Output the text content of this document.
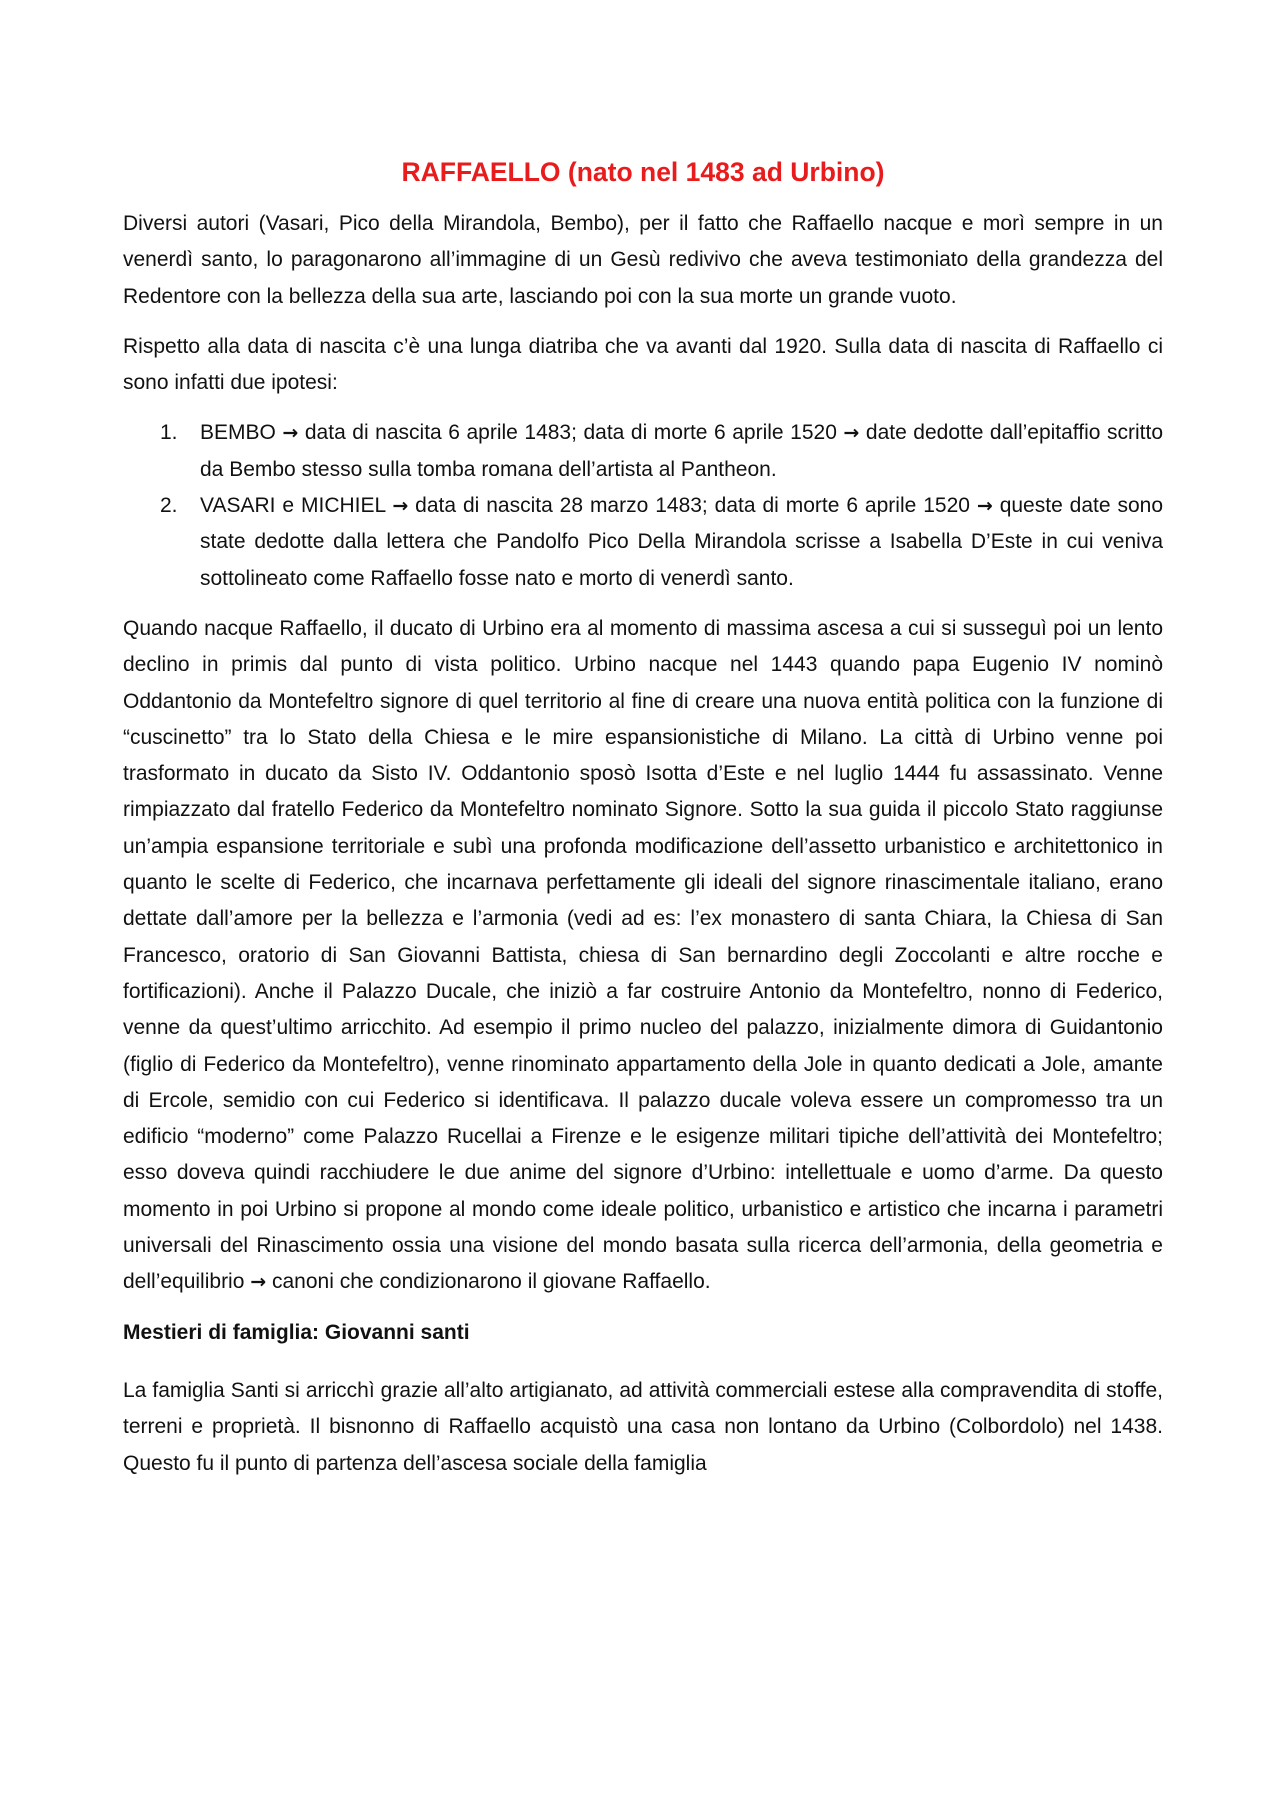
RAFFAELLO (nato nel 1483 ad Urbino)

Diversi autori (Vasari, Pico della Mirandola, Bembo), per il fatto che Raffaello nacque e morì sempre in un venerdì santo, lo paragonarono all’immagine di un Gesù redivivo che aveva testimoniato della grandezza del Redentore con la bellezza della sua arte, lasciando poi con la sua morte un grande vuoto.

Rispetto alla data di nascita c’è una lunga diatriba che va avanti dal 1920. Sulla data di nascita di Raffaello ci sono infatti due ipotesi:

1. BEMBO → data di nascita 6 aprile 1483; data di morte 6 aprile 1520 → date dedotte dall’epitaffio scritto da Bembo stesso sulla tomba romana dell’artista al Pantheon.
2. VASARI e MICHIEL → data di nascita 28 marzo 1483; data di morte 6 aprile 1520 → queste date sono state dedotte dalla lettera che Pandolfo Pico Della Mirandola scrisse a Isabella D’Este in cui veniva sottolineato come Raffaello fosse nato e morto di venerdì santo.

Quando nacque Raffaello, il ducato di Urbino era al momento di massima ascesa a cui si susseguì poi un lento declino in primis dal punto di vista politico. Urbino nacque nel 1443 quando papa Eugenio IV nominò Oddantonio da Montefeltro signore di quel territorio al fine di creare una nuova entità politica con la funzione di “cuscinetto” tra lo Stato della Chiesa e le mire espansionistiche di Milano. La città di Urbino venne poi trasformato in ducato da Sisto IV. Oddantonio sposò Isotta d’Este e nel luglio 1444 fu assassinato. Venne rimpiazzato dal fratello Federico da Montefeltro nominato Signore. Sotto la sua guida il piccolo Stato raggiunse un’ampia espansione territoriale e subì una profonda modificazione dell’assetto urbanistico e architettonico in quanto le scelte di Federico, che incarnava perfettamente gli ideali del signore rinascimentale italiano, erano dettate dall’amore per la bellezza e l’armonia (vedi ad es: l’ex monastero di santa Chiara, la Chiesa di San Francesco, oratorio di San Giovanni Battista, chiesa di San bernardino degli Zoccolanti e altre rocche e fortificazioni). Anche il Palazzo Ducale, che iniziò a far costruire Antonio da Montefeltro, nonno di Federico, venne da quest’ultimo arricchito. Ad esempio il primo nucleo del palazzo, inizialmente dimora di Guidantonio (figlio di Federico da Montefeltro), venne rinominato appartamento della Jole in quanto dedicati a Jole, amante di Ercole, semidio con cui Federico si identificava. Il palazzo ducale voleva essere un compromesso tra un edificio “moderno” come Palazzo Rucellai a Firenze e le esigenze militari tipiche dell’attività dei Montefeltro; esso doveva quindi racchiudere le due anime del signore d’Urbino: intellettuale e uomo d’arme. Da questo momento in poi Urbino si propone al mondo come ideale politico, urbanistico e artistico che incarna i parametri universali del Rinascimento ossia una visione del mondo basata sulla ricerca dell’armonia, della geometria e dell’equilibrio → canoni che condizionarono il giovane Raffaello.

Mestieri di famiglia: Giovanni santi

La famiglia Santi si arricchì grazie all’alto artigianato, ad attività commerciali estese alla compravendita di stoffe, terreni e proprietà. Il bisnonno di Raffaello acquistò una casa non lontano da Urbino (Colbordolo) nel 1438. Questo fu il punto di partenza dell’ascesa sociale della famiglia
